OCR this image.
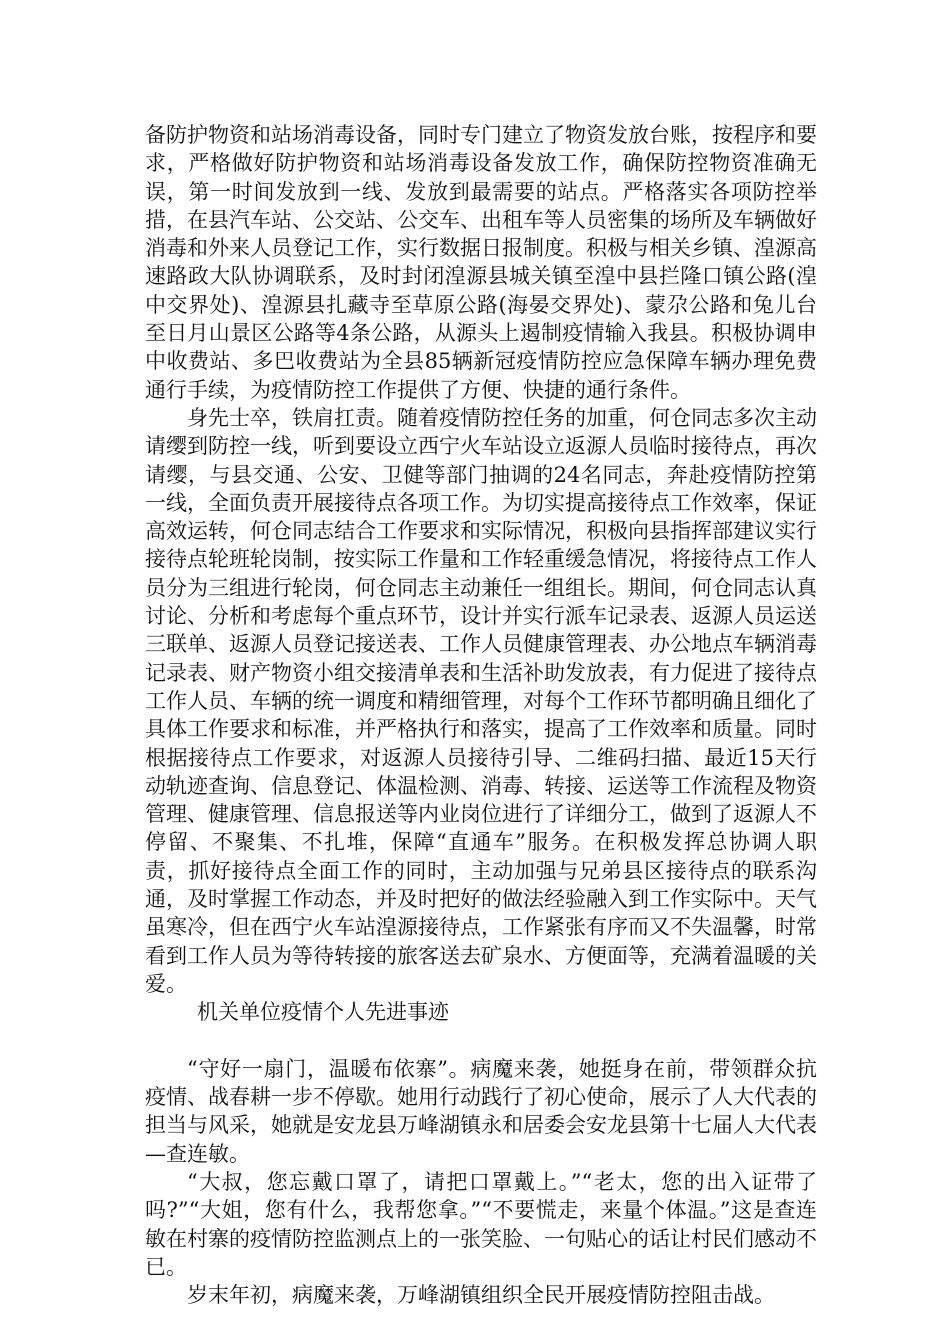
备防护物资和站场消毒设备，同时专门建立了物资发放台账，按程序和要求，严格做好防护物资和站场消毒设备发放工作，确保防控物资准确无误，第一时间发放到一线、发放到最需要的站点。严格落实各项防控举措，在县汽车站、公交站、公交车、出租车等人员密集的场所及车辆做好消毒和外来人员登记工作，实行数据日报制度。积极与相关乡镇、湟源高速路政大队协调联系，及时封闭湟源县城关镇至湟中县拦隆口镇公路(湟中交界处)、湟源县扎藏寺至草原公路(海晏交界处)、蒙尕公路和兔儿台至日月山景区公路等4条公路，从源头上遏制疫情输入我县。积极协调申中收费站、多巴收费站为全县85辆新冠疫情防控应急保障车辆办理免费通行手续，为疫情防控工作提供了方便、快捷的通行条件。

身先士卒，铁肩扛责。随着疫情防控任务的加重，何仓同志多次主动请缨到防控一线，听到要设立西宁火车站设立返源人员临时接待点，再次请缨，与县交通、公安、卫健等部门抽调的24名同志，奔赴疫情防控第一线，全面负责开展接待点各项工作。为切实提高接待点工作效率，保证高效运转，何仓同志结合工作要求和实际情况，积极向县指挥部建议实行接待点轮班轮岗制，按实际工作量和工作轻重缓急情况，将接待点工作人员分为三组进行轮岗，何仓同志主动兼任一组组长。期间，何仓同志认真讨论、分析和考虑每个重点环节，设计并实行派车记录表、返源人员运送三联单、返源人员登记接送表、工作人员健康管理表、办公地点车辆消毒记录表、财产物资小组交接清单表和生活补助发放表，有力促进了接待点工作人员、车辆的统一调度和精细管理，对每个工作环节都明确且细化了具体工作要求和标准，并严格执行和落实，提高了工作效率和质量。同时根据接待点工作要求，对返源人员接待引导、二维码扫描、最近15天行动轨迹查询、信息登记、体温检测、消毒、转接、运送等工作流程及物资管理、健康管理、信息报送等内业岗位进行了详细分工，做到了返源人不停留、不聚集、不扎堆，保障“直通车”服务。在积极发挥总协调人职责，抓好接待点全面工作的同时，主动加强与兄弟县区接待点的联系沟通，及时掌握工作动态，并及时把好的做法经验融入到工作实际中。天气虽寒冷，但在西宁火车站湟源接待点，工作紧张有序而又不失温馨，时常看到工作人员为等待转接的旅客送去矿泉水、方便面等，充满着温暖的关爱。

机关单位疫情个人先进事迹

“守好一扇门，温暖布依寨”。病魔来袭，她挺身在前，带领群众抗疫情、战春耕一步不停歇。她用行动践行了初心使命，展示了人大代表的担当与风采，她就是安龙县万峰湖镇永和居委会安龙县第十七届人大代表—查连敏。

“大叔，您忘戴口罩了，请把口罩戴上。”“老太，您的出入证带了吗?”“大姐，您有什么，我帮您拿。”“不要慌走，来量个体温。”这是查连敏在村寨的疫情防控监测点上的一张笑脸、一句贴心的话让村民们感动不已。

岁末年初，病魔来袭，万峰湖镇组织全民开展疫情防控阻击战。
